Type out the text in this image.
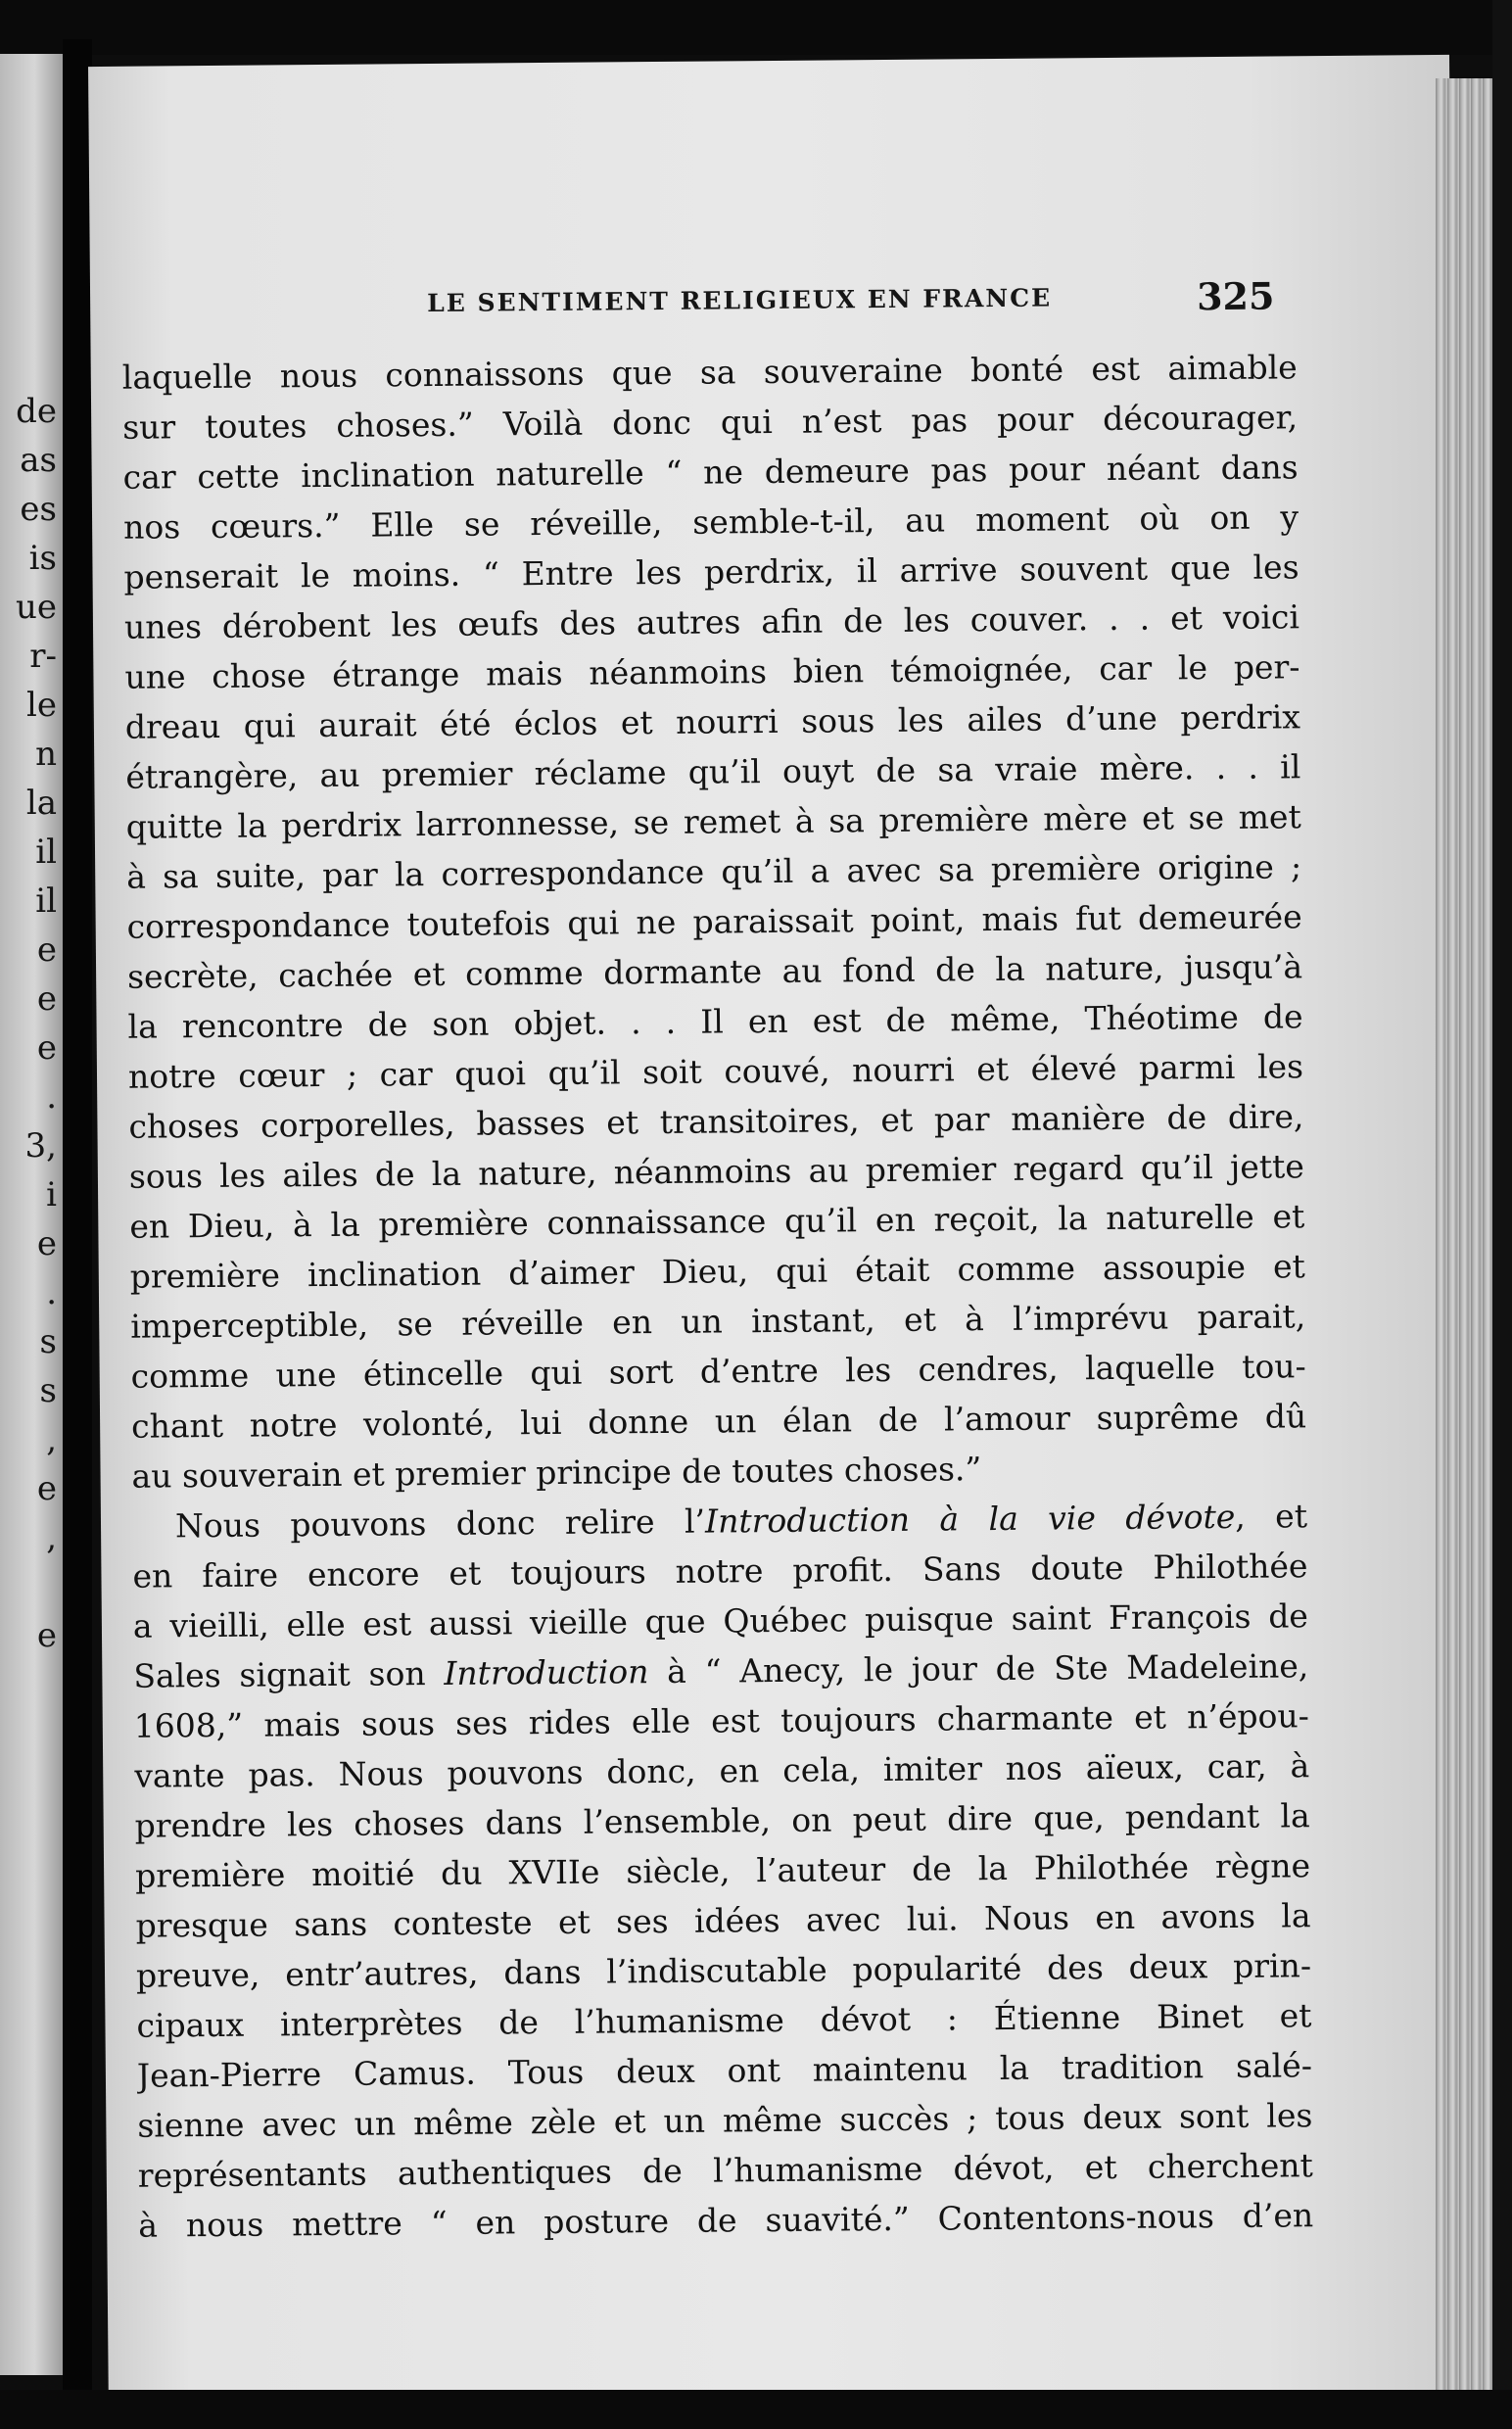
de
as
es
is
ue
r-
le
n
la
il
il
e
e
e
.
3,
i
e
.
s
s
,
e
,
e
LE SENTIMENT RELIGIEUX EN FRANCE	325
laquelle nous connaissons que sa souveraine bonté est aimable
sur toutes choses.” Voilà donc qui n’est pas pour décourager,
car cette inclination naturelle “ ne demeure pas pour néant dans
nos cœurs.” Elle se réveille, semble-t-il, au moment où on y
penserait le moins. “ Entre les perdrix, il arrive souvent que les
unes dérobent les œufs des autres afin de les couver. . . et voici
une chose étrange mais néanmoins bien témoignée, car le per-
dreau qui aurait été éclos et nourri sous les ailes d’une perdrix
étrangère, au premier réclame qu’il ouyt de sa vraie mère. . . il
quitte la perdrix larronnesse, se remet à sa première mère et se met
à sa suite, par la correspondance qu’il a avec sa première origine ;
correspondance toutefois qui ne paraissait point, mais fut demeurée
secrète, cachée et comme dormante au fond de la nature, jusqu’à
la rencontre de son objet. . . Il en est de même, Théotime de
notre cœur ; car quoi qu’il soit couvé, nourri et élevé parmi les
choses corporelles, basses et transitoires, et par manière de dire,
sous les ailes de la nature, néanmoins au premier regard qu’il jette
en Dieu, à la première connaissance qu’il en reçoit, la naturelle et
première inclination d’aimer Dieu, qui était comme assoupie et
imperceptible, se réveille en un instant, et à l’imprévu parait,
comme une étincelle qui sort d’entre les cendres, laquelle tou-
chant notre volonté, lui donne un élan de l’amour suprême dû
au souverain et premier principe de toutes choses.”
Nous pouvons donc relire l’Introduction à la vie dévote, et
en faire encore et toujours notre profit. Sans doute Philothée
a vieilli, elle est aussi vieille que Québec puisque saint François de
Sales signait son Introduction à “ Anecy, le jour de Ste Madeleine,
1608,” mais sous ses rides elle est toujours charmante et n’épou-
vante pas. Nous pouvons donc, en cela, imiter nos aïeux, car, à
prendre les choses dans l’ensemble, on peut dire que, pendant la
première moitié du XVIIe siècle, l’auteur de la Philothée règne
presque sans conteste et ses idées avec lui. Nous en avons la
preuve, entr’autres, dans l’indiscutable popularité des deux prin-
cipaux interprètes de l’humanisme dévot : Étienne Binet et
Jean-Pierre Camus. Tous deux ont maintenu la tradition salé-
sienne avec un même zèle et un même succès ; tous deux sont les
représentants authentiques de l’humanisme dévot, et cherchent
à nous mettre “ en posture de suavité.” Contentons-nous d’en
